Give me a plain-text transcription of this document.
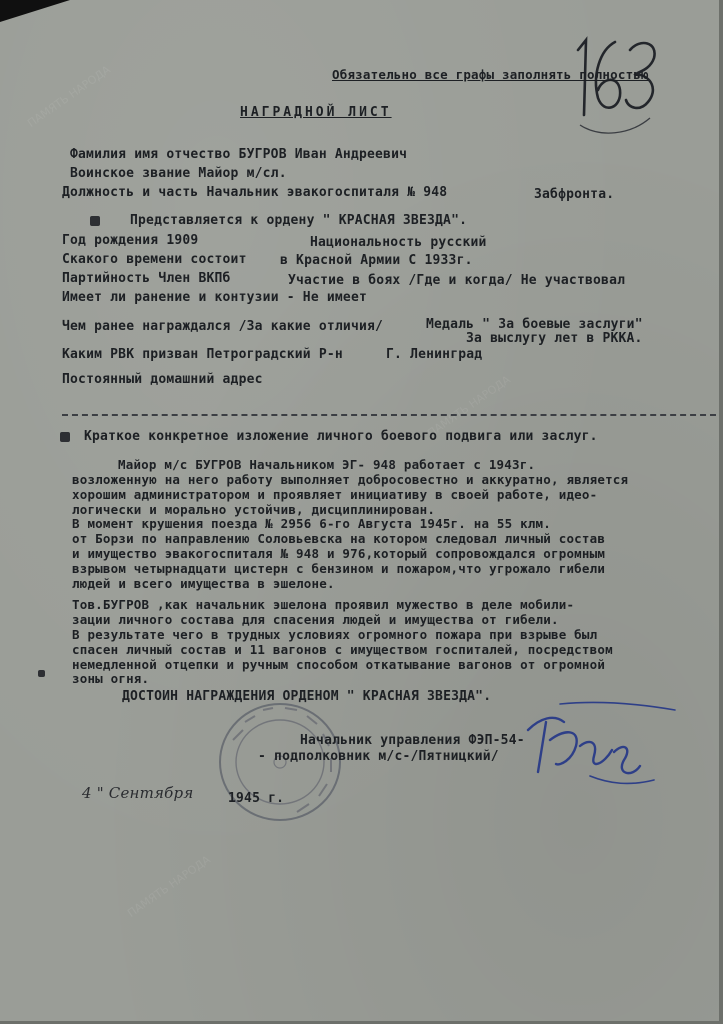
ПАМЯТЬ НАРОДА
ПАМЯТЬ НАРОДА
ПАМЯТЬ НАРОДА
Обязательно все графы заполнять полностью
НАГРАДНОЙ ЛИСТ
Фамилия имя отчество БУГРОВ Иван Андреевич
Воинское звание Майор м/сл.
Должность и часть Начальник эвакогоспиталя № 948	Забфронта.
Представляется к ордену " КРАСНАЯ ЗВЕЗДА".
Год рождения 1909	Национальность русский
Скакого времени состоит	в Красной Армии С 1933г.
Партийность Член ВКПб	Участие в боях /Где и когда/ Не участвовал
Имеет ли ранение и контузии - Не имеет
Чем ранее награждался /За какие отличия/	Медаль " За боевые заслуги"
За выслугу лет в РККА.
Каким РВК призван Петроградский Р-н	Г. Ленинград
Постоянный домашний адрес
Краткое конкретное изложение личного боевого подвига или заслуг.
Майор м/с БУГРОВ Начальником ЭГ- 948 работает с 1943г.
возложенную на него работу выполняет добросовестно и аккуратно, является
хорошим администратором и проявляет инициативу в своей работе, идео-
логически и морально устойчив, дисциплинирован.
В момент крушения поезда № 2956 6-го Августа 1945г. на 55 клм.
от Борзи по направлению Соловьевска на котором следовал личный состав
и имущество эвакогоспиталя № 948 и 976,который сопровождался огромным
взрывом четырнадцати цистерн с бензином и пожаром,что угрожало гибели
людей и всего имущества в эшелоне.
Тов.БУГРОВ ,как начальник эшелона проявил мужество в деле мобили-
зации личного состава для спасения людей и имущества от гибели.
В результате чего в трудных условиях огромного пожара при взрыве был
спасен личный состав и 11 вагонов с имуществом госпиталей, посредством
немедленной отцепки и ручным способом откатывание вагонов от огромной
зоны огня.
ДОСТОИН НАГРАЖДЕНИЯ ОРДЕНОМ " КРАСНАЯ ЗВЕЗДА".
Начальник управления ФЭП-54-
- подполковник м/с-/Пятницкий/
4 " Сентября	1945 г.
